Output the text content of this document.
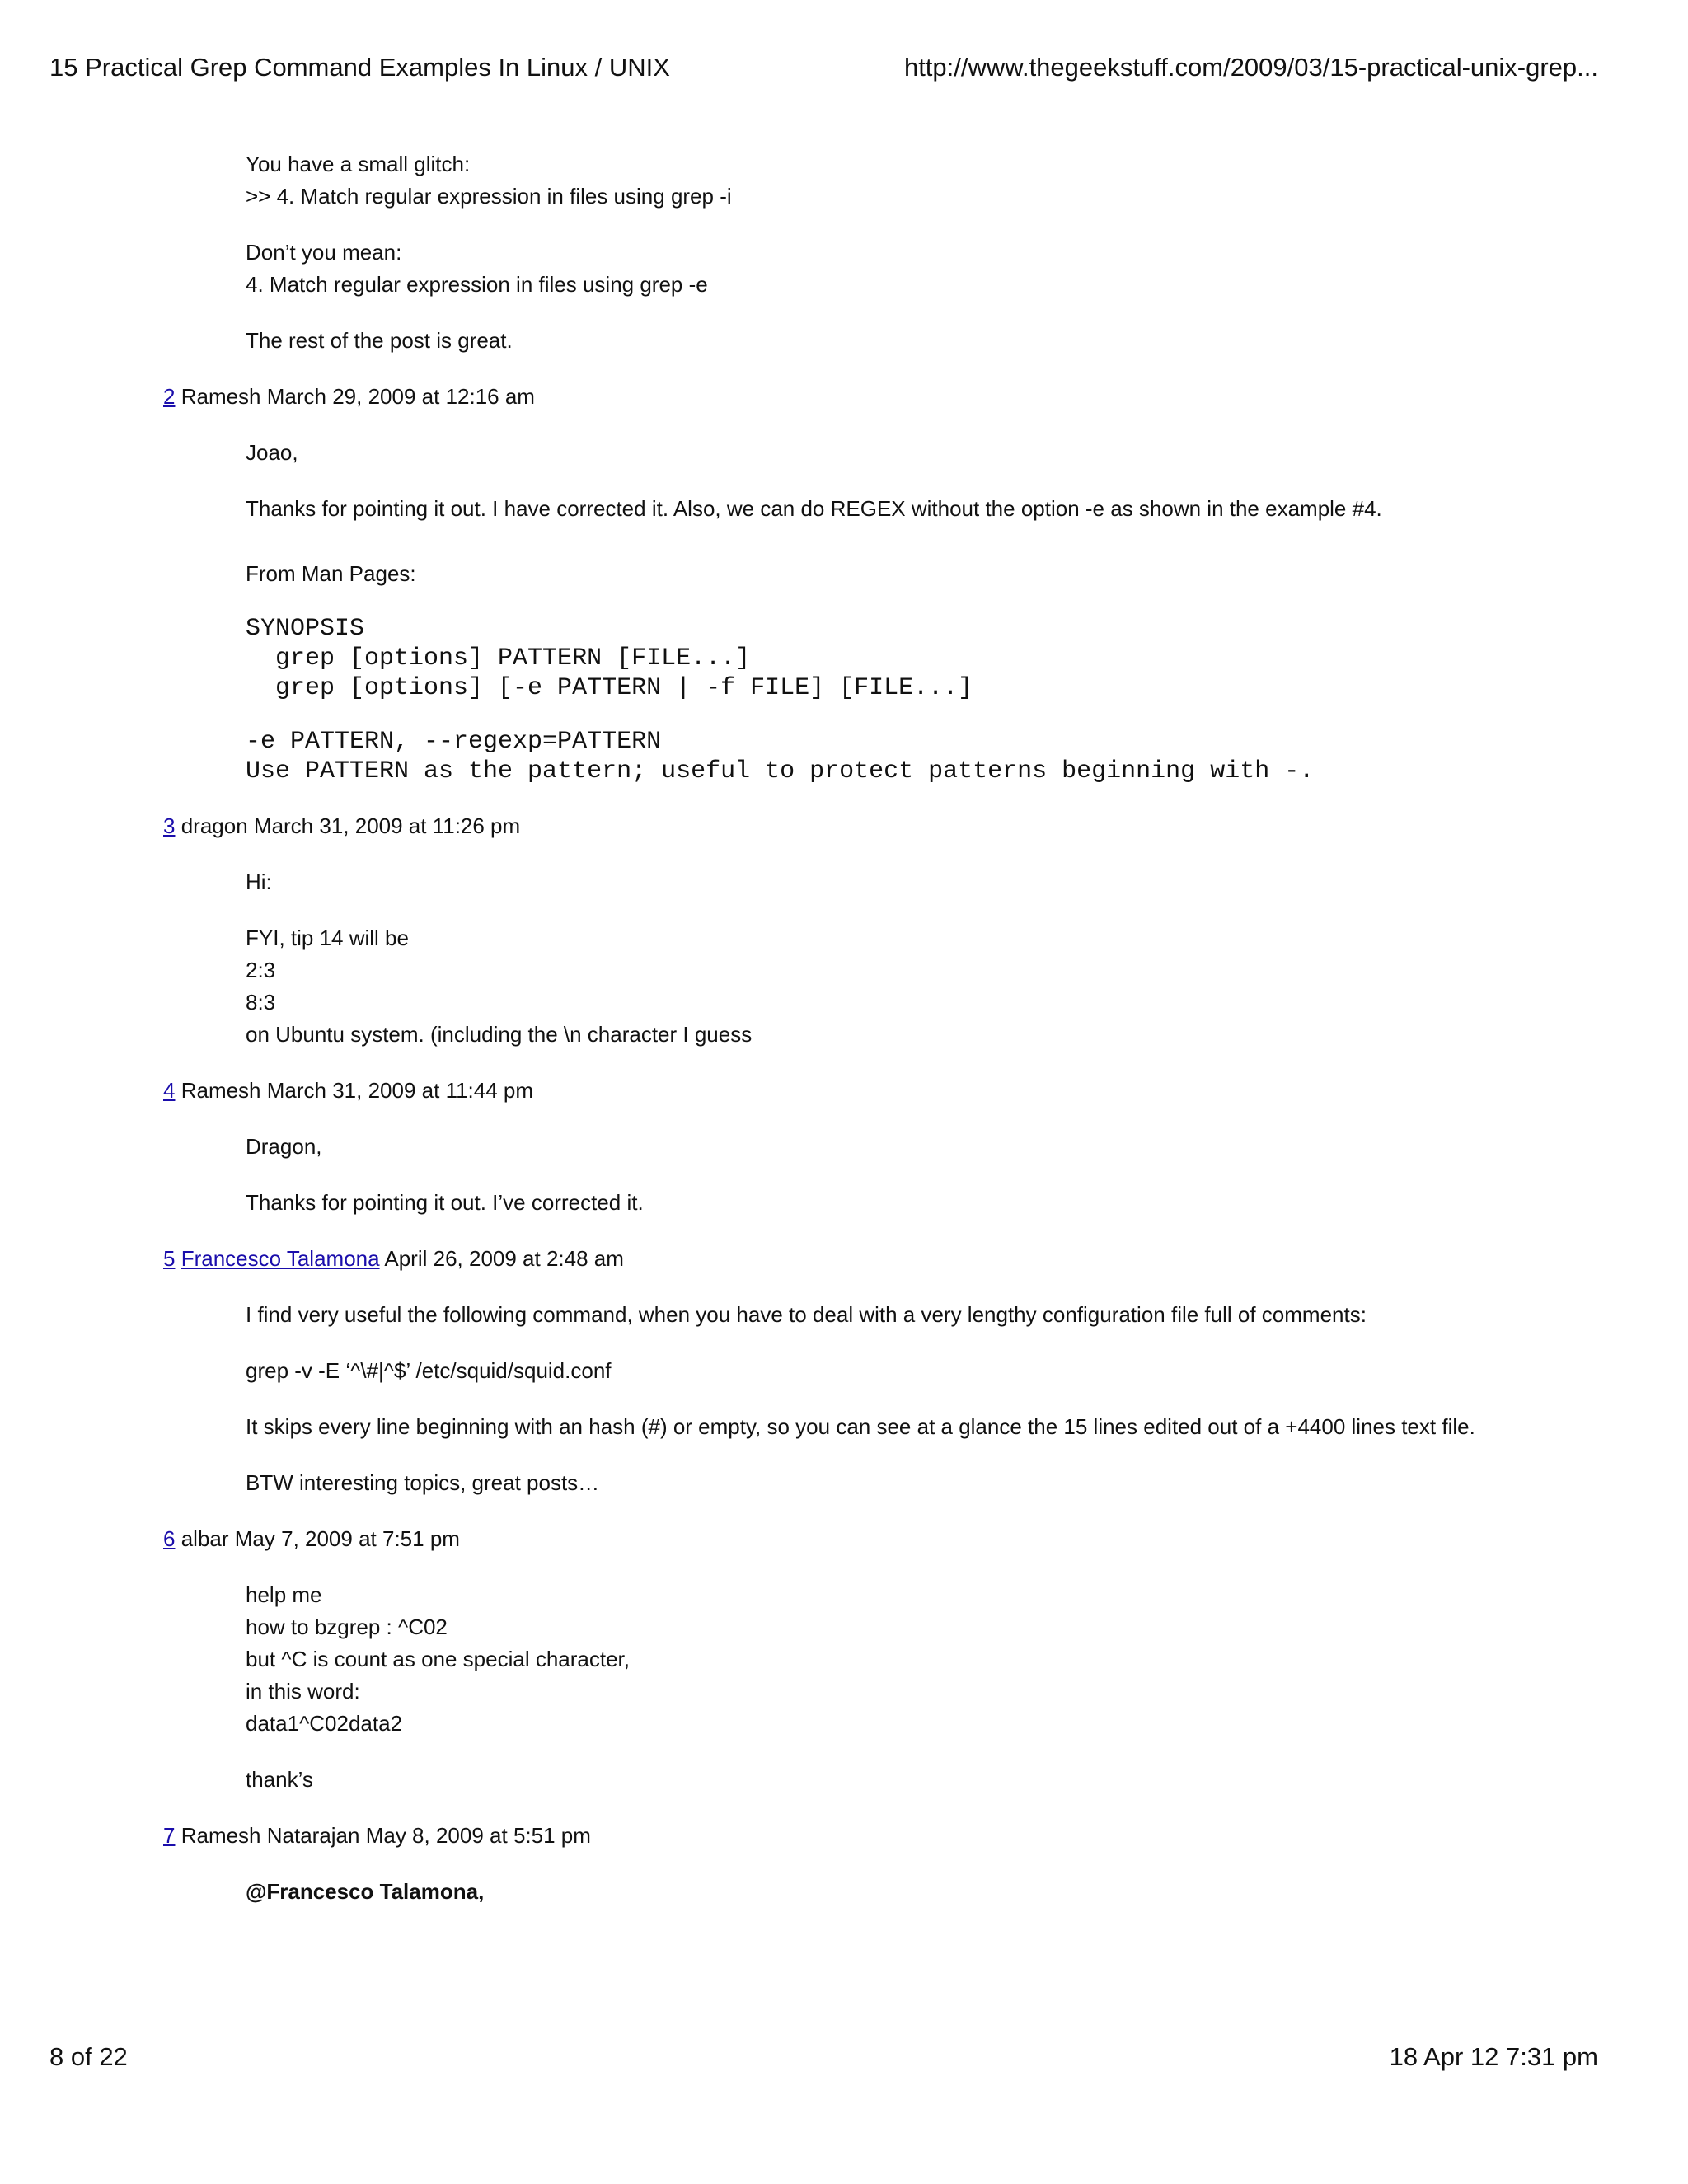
15 Practical Grep Command Examples In Linux / UNIX	http://www.thegeekstuff.com/2009/03/15-practical-unix-grep...

You have a small glitch:
>> 4. Match regular expression in files using grep -i

Don’t you mean:
4. Match regular expression in files using grep -e

The rest of the post is great.

2 Ramesh March 29, 2009 at 12:16 am

Joao,

Thanks for pointing it out. I have corrected it. Also, we can do REGEX without the option -e as shown in the example #4.

From Man Pages:

SYNOPSIS
grep [options] PATTERN [FILE...]
grep [options] [-e PATTERN | -f FILE] [FILE...]

-e PATTERN, --regexp=PATTERN
Use PATTERN as the pattern; useful to protect patterns beginning with -.

3 dragon March 31, 2009 at 11:26 pm

Hi:

FYI, tip 14 will be
2:3
8:3
on Ubuntu system. (including the \n character I guess

4 Ramesh March 31, 2009 at 11:44 pm

Dragon,

Thanks for pointing it out. I’ve corrected it.

5 Francesco Talamona April 26, 2009 at 2:48 am

I find very useful the following command, when you have to deal with a very lengthy configuration file full of comments:

grep -v -E ‘^\#|^$’ /etc/squid/squid.conf

It skips every line beginning with an hash (#) or empty, so you can see at a glance the 15 lines edited out of a +4400 lines text file.

BTW interesting topics, great posts…

6 albar May 7, 2009 at 7:51 pm

help me
how to bzgrep : ^C02
but ^C is count as one special character,
in this word:
data1^C02data2

thank’s

7 Ramesh Natarajan May 8, 2009 at 5:51 pm

@Francesco Talamona,

8 of 22	18 Apr 12 7:31 pm
